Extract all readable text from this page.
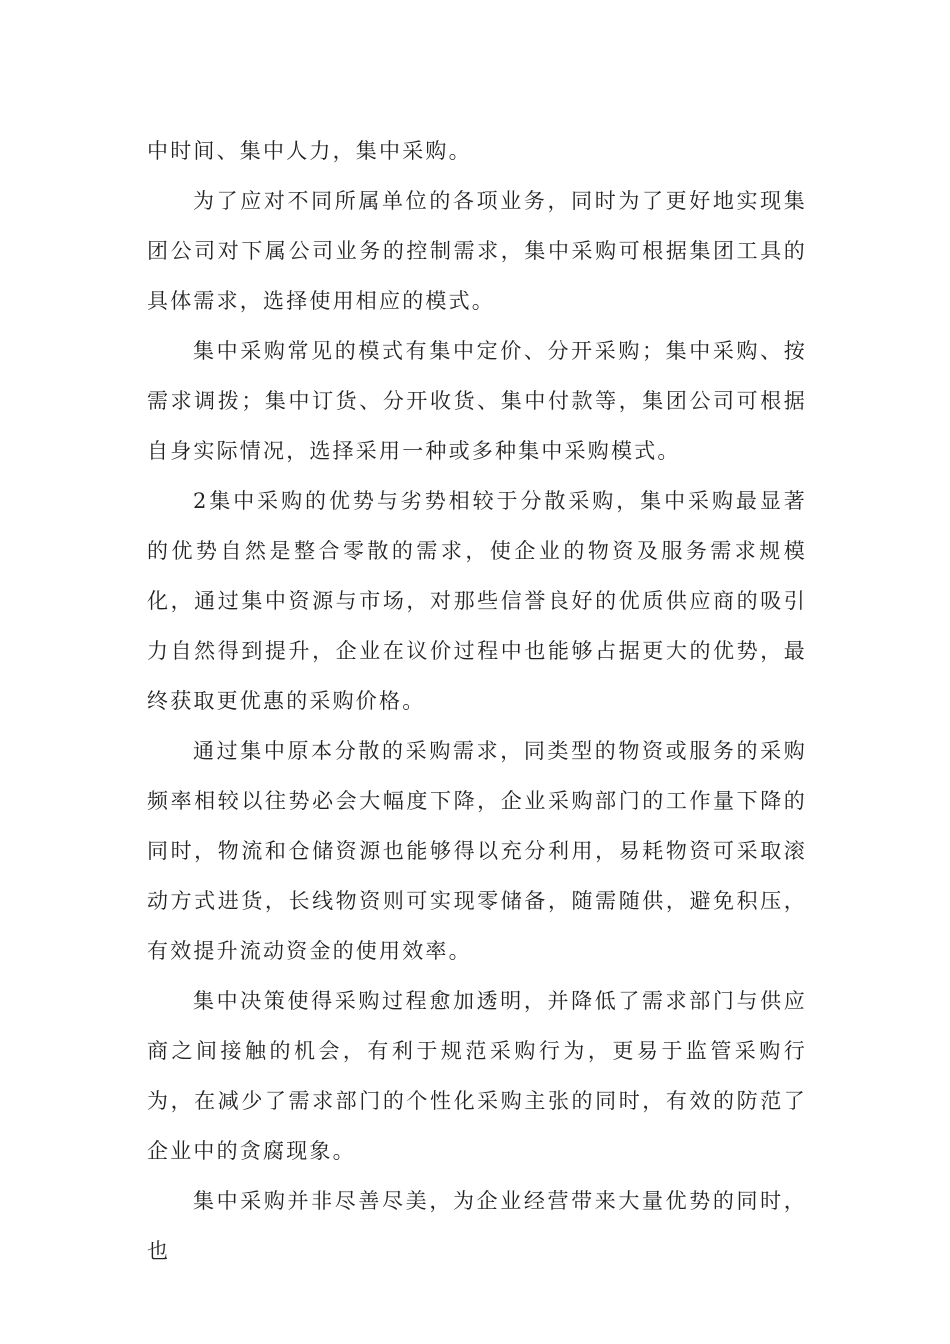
中时间、集中人力，集中采购。

为了应对不同所属单位的各项业务，同时为了更好地实现集团公司对下属公司业务的控制需求，集中采购可根据集团工具的具体需求，选择使用相应的模式。

集中采购常见的模式有集中定价、分开采购；集中采购、按需求调拨；集中订货、分开收货、集中付款等，集团公司可根据自身实际情况，选择采用一种或多种集中采购模式。

2集中采购的优势与劣势相较于分散采购，集中采购最显著的优势自然是整合零散的需求，使企业的物资及服务需求规模化，通过集中资源与市场，对那些信誉良好的优质供应商的吸引力自然得到提升，企业在议价过程中也能够占据更大的优势，最终获取更优惠的采购价格。

通过集中原本分散的采购需求，同类型的物资或服务的采购频率相较以往势必会大幅度下降，企业采购部门的工作量下降的同时，物流和仓储资源也能够得以充分利用，易耗物资可采取滚动方式进货，长线物资则可实现零储备，随需随供，避免积压，有效提升流动资金的使用效率。

集中决策使得采购过程愈加透明，并降低了需求部门与供应商之间接触的机会，有利于规范采购行为，更易于监管采购行为，在减少了需求部门的个性化采购主张的同时，有效的防范了企业中的贪腐现象。

集中采购并非尽善尽美，为企业经营带来大量优势的同时，也
